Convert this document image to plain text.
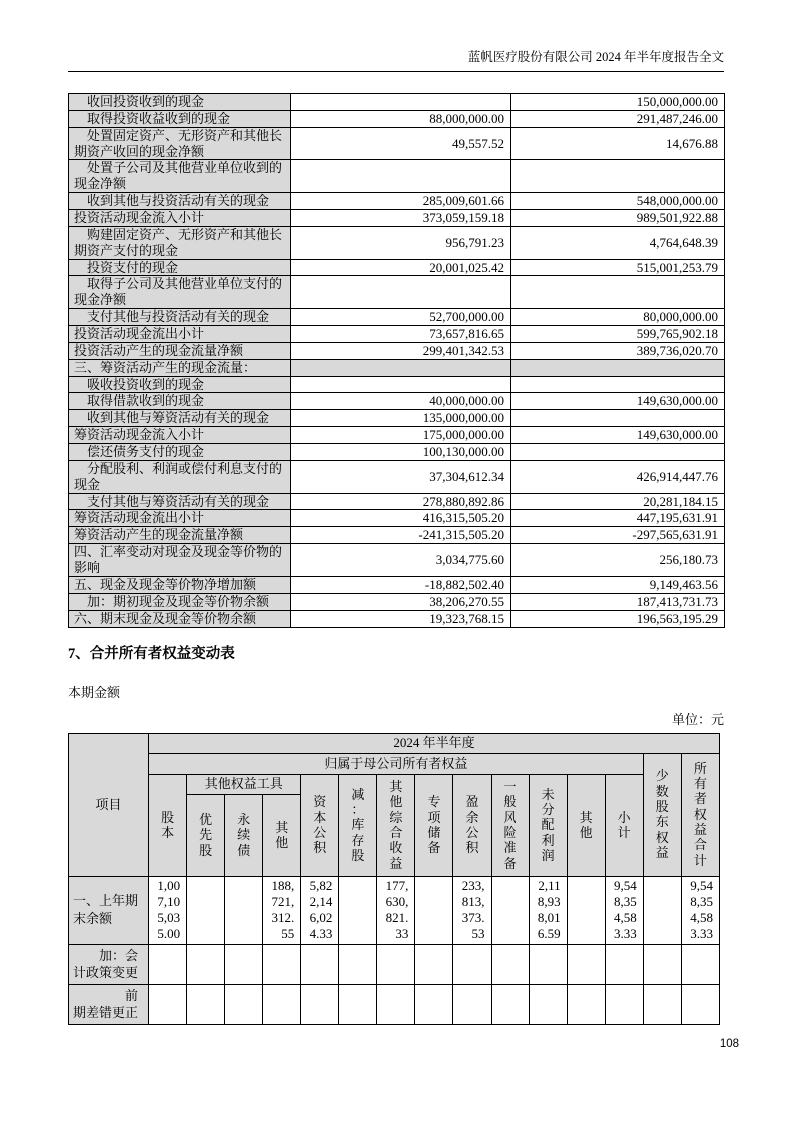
蓝帆医疗股份有限公司 2024 年半年度报告全文
收回投资收到的现金		150,000,000.00
取得投资收益收到的现金	88,000,000.00	291,487,246.00
处置固定资产、无形资产和其他长期资产收回的现金净额	49,557.52	14,676.88
处置子公司及其他营业单位收到的现金净额		
收到其他与投资活动有关的现金	285,009,601.66	548,000,000.00
投资活动现金流入小计	373,059,159.18	989,501,922.88
购建固定资产、无形资产和其他长期资产支付的现金	956,791.23	4,764,648.39
投资支付的现金	20,001,025.42	515,001,253.79
取得子公司及其他营业单位支付的现金净额		
支付其他与投资活动有关的现金	52,700,000.00	80,000,000.00
投资活动现金流出小计	73,657,816.65	599,765,902.18
投资活动产生的现金流量净额	299,401,342.53	389,736,020.70
三、筹资活动产生的现金流量：		
吸收投资收到的现金		
取得借款收到的现金	40,000,000.00	149,630,000.00
收到其他与筹资活动有关的现金	135,000,000.00	
筹资活动现金流入小计	175,000,000.00	149,630,000.00
偿还债务支付的现金	100,130,000.00	
分配股利、利润或偿付利息支付的现金	37,304,612.34	426,914,447.76
支付其他与筹资活动有关的现金	278,880,892.86	20,281,184.15
筹资活动现金流出小计	416,315,505.20	447,195,631.91
筹资活动产生的现金流量净额	-241,315,505.20	-297,565,631.91
四、汇率变动对现金及现金等价物的影响	3,034,775.60	256,180.73
五、现金及现金等价物净增加额	-18,882,502.40	9,149,463.56
加：期初现金及现金等价物余额	38,206,270.55	187,413,731.73
六、期末现金及现金等价物余额	19,323,768.15	196,563,195.29
7、合并所有者权益变动表
本期金额
单位：元
项目	2024 年半年度														
	归属于母公司所有者权益													少数股东权益	所有者权益合计
	股本	其他权益工具			资本公积	减：库存股	其他综合收益	专项储备	盈余公积	一般风险准备	未分配利润	其他	小计		
		优先股	永续债	其他											
一、上年期末余额	1,007,105,035.00			188,721,312.55	5,822,146,024.33		177,630,821.33		233,813,373.53		2,118,938,016.59		9,548,354,583.33		9,548,354,583.33
加：会计政策变更															
前期差错更正															
108
